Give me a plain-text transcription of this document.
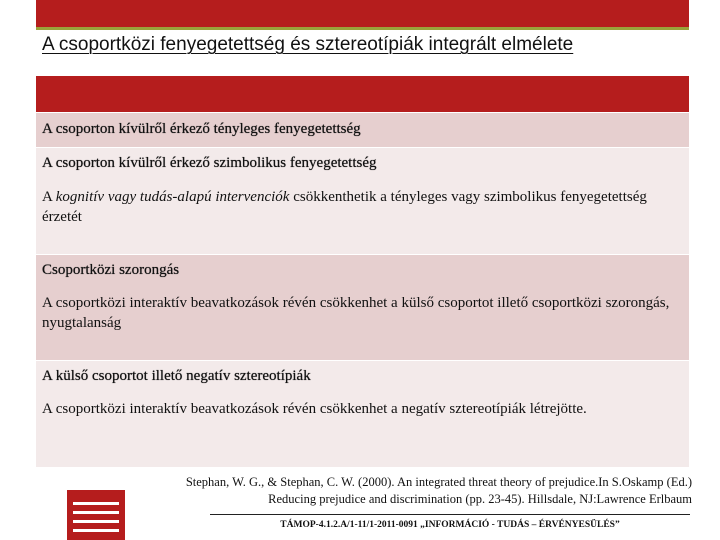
A csoportközi fenyegetettség és sztereotípiák integrált elmélete
A csoporton kívülről érkező tényleges fenyegetettség
A csoporton kívülről érkező szimbolikus fenyegetettség
A kognitív vagy tudás-alapú intervenciók csökkenthetik a tényleges vagy szimbolikus fenyegetettség érzetét
Csoportközi szorongás
A csoportközi interaktív beavatkozások révén csökkenhet a külső csoportot illető csoportközi szorongás, nyugtalanság
A külső csoportot illető negatív sztereotípiák
A csoportközi interaktív beavatkozások révén csökkenhet a negatív sztereotípiák létrejötte.
Stephan, W. G., & Stephan, C. W. (2000). An integrated threat theory of prejudice.In S.Oskamp (Ed.)
Reducing prejudice and discrimination (pp. 23-45). Hillsdale, NJ:Lawrence Erlbaum
TÁMOP-4.1.2.A/1-11/1-2011-0091 „INFORMÁCIÓ - TUDÁS – ÉRVÉNYESÜLÉS”
